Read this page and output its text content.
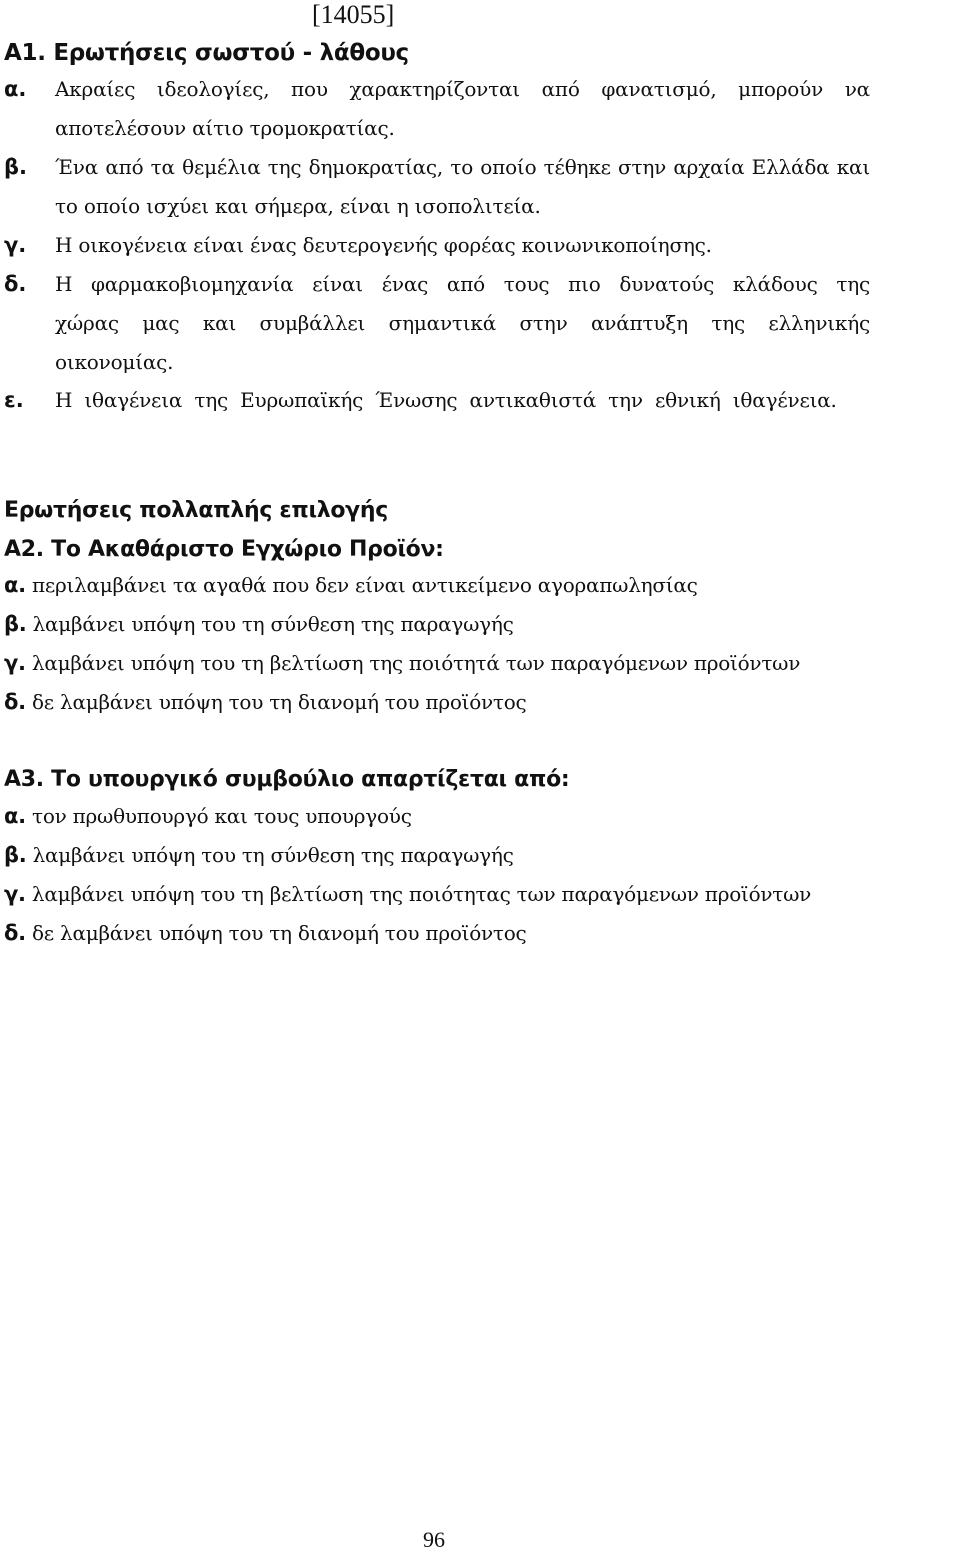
[14055]
Α1. Ερωτήσεις σωστού - λάθους
α. Ακραίες ιδεολογίες, που χαρακτηρίζονται από φανατισμό, μπορούν να αποτελέσουν αίτιο τρομοκρατίας.
β. Ένα από τα θεμέλια της δημοκρατίας, το οποίο τέθηκε στην αρχαία Ελλάδα και το οποίο ισχύει και σήμερα, είναι η ισοπολιτεία.
γ. Η οικογένεια είναι ένας δευτερογενής φορέας κοινωνικοποίησης.
δ. Η φαρμακοβιομηχανία είναι ένας από τους πιο δυνατούς κλάδους της χώρας μας και συμβάλλει σημαντικά στην ανάπτυξη της ελληνικής οικονομίας.
ε. Η ιθαγένεια της Ευρωπαϊκής Ένωσης αντικαθιστά την εθνική ιθαγένεια.
Ερωτήσεις πολλαπλής επιλογής
Α2. Το Ακαθάριστο Εγχώριο Προϊόν:
α. περιλαμβάνει τα αγαθά που δεν είναι αντικείμενο αγοραπωλησίας
β. λαμβάνει υπόψη του τη σύνθεση της παραγωγής
γ. λαμβάνει υπόψη του τη βελτίωση της ποιότητά των παραγόμενων προϊόντων
δ. δε λαμβάνει υπόψη του τη διανομή του προϊόντος
Α3. Το υπουργικό συμβούλιο απαρτίζεται από:
α. τον πρωθυπουργό και τους υπουργούς
β. λαμβάνει υπόψη του τη σύνθεση της παραγωγής
γ. λαμβάνει υπόψη του τη βελτίωση της ποιότητας των παραγόμενων προϊόντων
δ. δε λαμβάνει υπόψη του τη διανομή του προϊόντος
96
